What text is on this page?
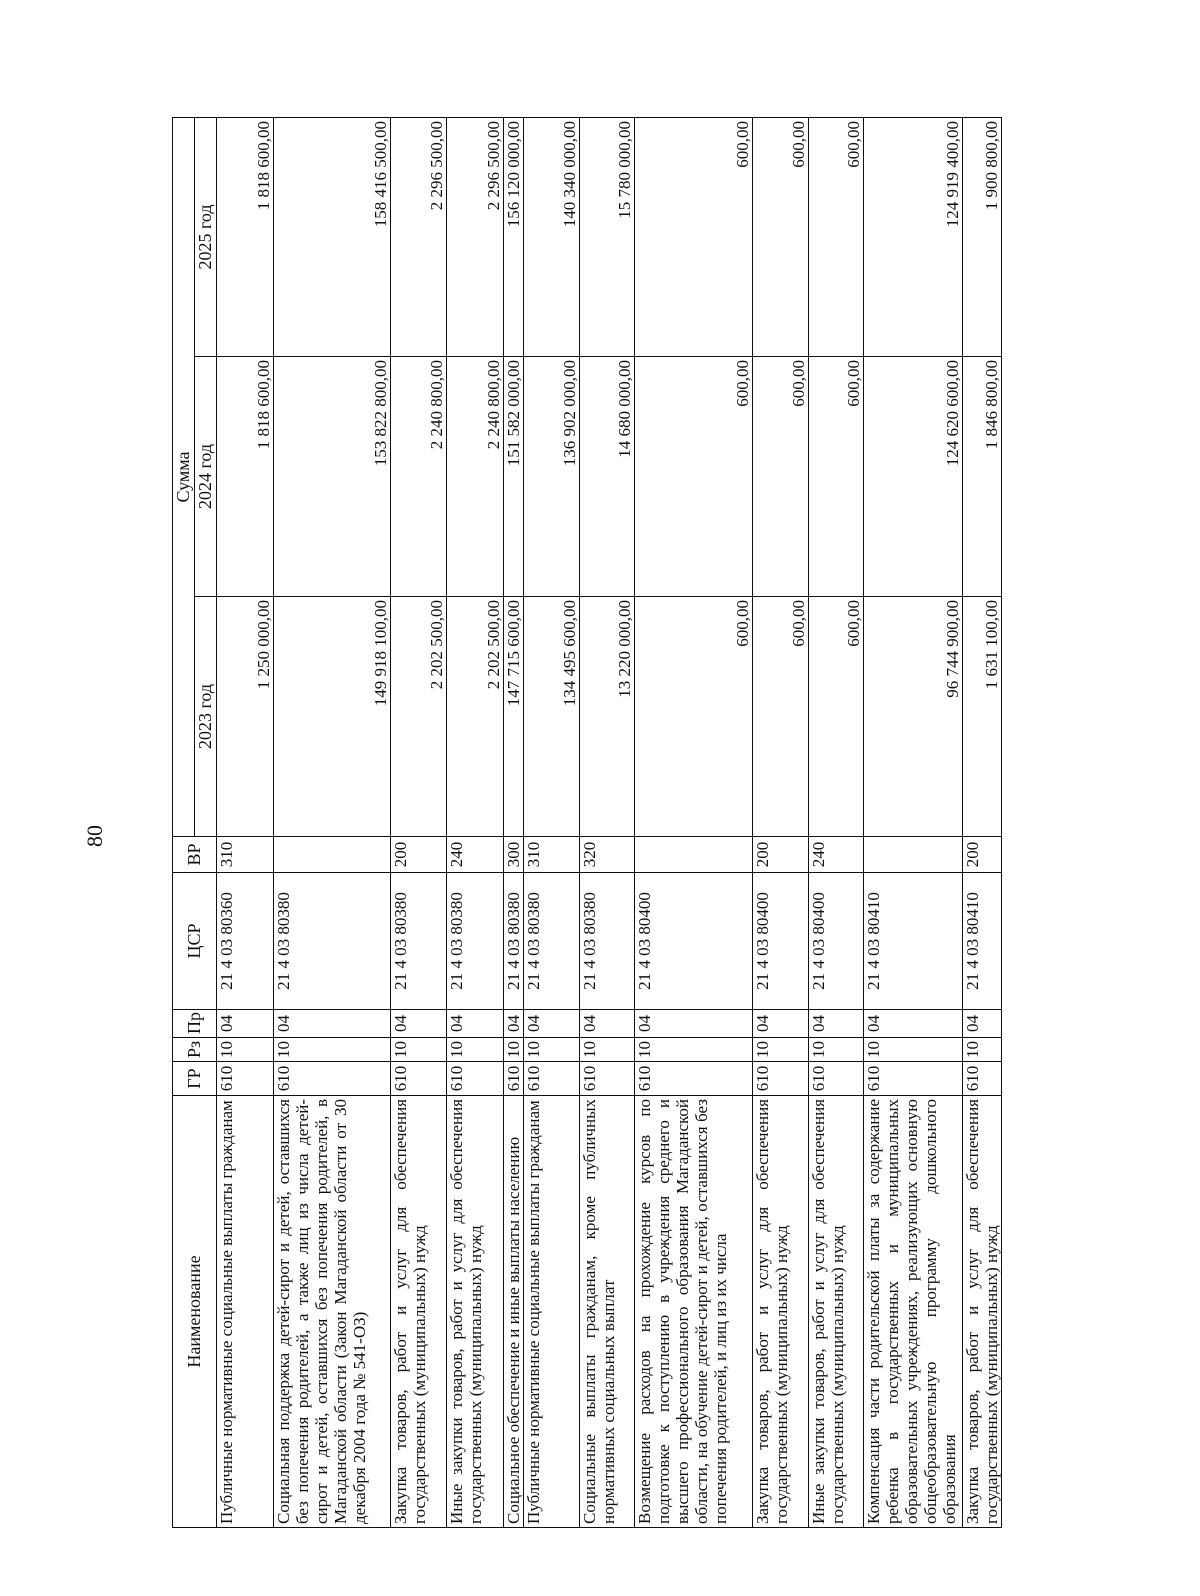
80
Наименование	ГР	Рз	Пр	ЦСР	ВР	Сумма		
						2023 год	2024 год	2025 год
Публичные нормативные социальные выплаты гражданам	610	10	04	21 4 03 80360	310	1 250 000,00	1 818 600,00	1 818 600,00
Социальная поддержка детей-сирот и детей, оставшихся без попечения родителей, а также лиц из числа детей-сирот и детей, оставшихся без попечения родителей, в Магаданской области (Закон Магаданской области от 30 декабря 2004 года № 541-ОЗ)	610	10	04	21 4 03 80380		149 918 100,00	153 822 800,00	158 416 500,00
Закупка товаров, работ и услуг для обеспечения государственных (муниципальных) нужд	610	10	04	21 4 03 80380	200	2 202 500,00	2 240 800,00	2 296 500,00
Иные закупки товаров, работ и услуг для обеспечения государственных (муниципальных) нужд	610	10	04	21 4 03 80380	240	2 202 500,00	2 240 800,00	2 296 500,00
Социальное обеспечение и иные выплаты населению	610	10	04	21 4 03 80380	300	147 715 600,00	151 582 000,00	156 120 000,00
Публичные нормативные социальные выплаты гражданам	610	10	04	21 4 03 80380	310	134 495 600,00	136 902 000,00	140 340 000,00
Социальные выплаты гражданам, кроме публичных нормативных социальных выплат	610	10	04	21 4 03 80380	320	13 220 000,00	14 680 000,00	15 780 000,00
Возмещение расходов на прохождение курсов по подготовке к поступлению в учреждения среднего и высшего профессионального образования Магаданской области, на обучение детей-сирот и детей, оставшихся без попечения родителей, и лиц из их числа	610	10	04	21 4 03 80400		600,00	600,00	600,00
Закупка товаров, работ и услуг для обеспечения государственных (муниципальных) нужд	610	10	04	21 4 03 80400	200	600,00	600,00	600,00
Иные закупки товаров, работ и услуг для обеспечения государственных (муниципальных) нужд	610	10	04	21 4 03 80400	240	600,00	600,00	600,00
Компенсация части родительской платы за содержание ребенка в государственных и муниципальных образовательных учреждениях, реализующих основную общеобразовательную программу дошкольного образования	610	10	04	21 4 03 80410		96 744 900,00	124 620 600,00	124 919 400,00
Закупка товаров, работ и услуг для обеспечения государственных (муниципальных) нужд	610	10	04	21 4 03 80410	200	1 631 100,00	1 846 800,00	1 900 800,00
